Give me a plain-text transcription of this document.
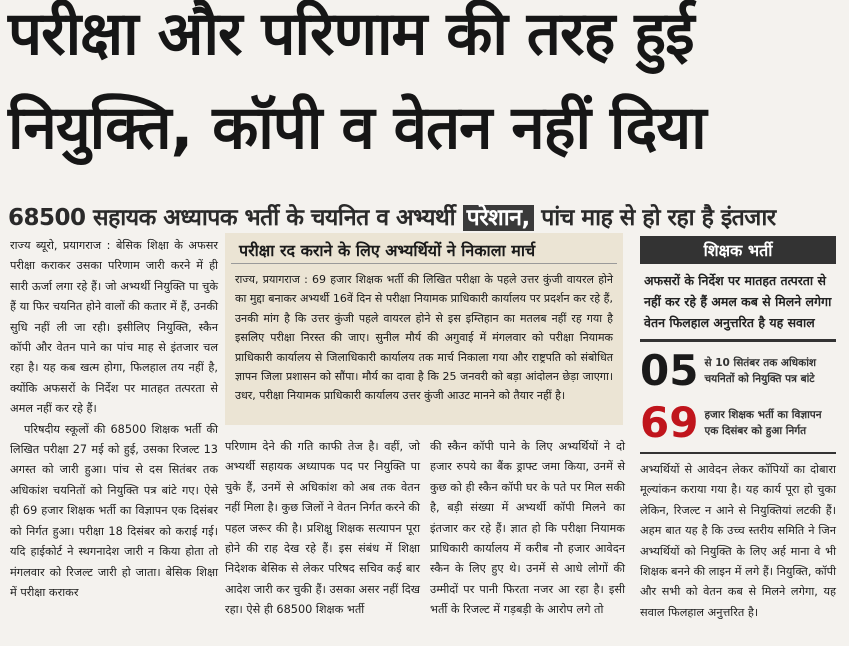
परीक्षा और परिणाम की तरह हुई
नियुक्ति, कॉपी व वेतन नहीं दिया
68500 सहायक अध्यापक भर्ती के चयनित व अभ्यर्थी परेशान, पांच माह से हो रहा है इंतजार

राज्य ब्यूरो, प्रयागराज : बेसिक शिक्षा के अफसर परीक्षा कराकर उसका परिणाम जारी करने में ही सारी ऊर्जा लगा रहे हैं। जो अभ्यर्थी नियुक्ति पा चुके हैं या फिर चयनित होने वालों की कतार में हैं, उनकी सुधि नहीं ली जा रही। इसीलिए नियुक्ति, स्कैन कॉपी और वेतन पाने का पांच माह से इंतजार चल रहा है। यह कब खत्म होगा, फिलहाल तय नहीं है, क्योंकि अफसरों के निर्देश पर मातहत तत्परता से अमल नहीं कर रहे हैं।

परिषदीय स्कूलों की 68500 शिक्षक भर्ती की लिखित परीक्षा 27 मई को हुई, उसका रिजल्ट 13 अगस्त को जारी हुआ। पांच से दस सितंबर तक अधिकांश चयनितों को नियुक्ति पत्र बांटे गए। ऐसे ही 69 हजार शिक्षक भर्ती का विज्ञापन एक दिसंबर को निर्गत हुआ। परीक्षा 18 दिसंबर को कराई गई। यदि हाईकोर्ट ने स्थगनादेश जारी न किया होता तो मंगलवार को रिजल्ट जारी हो जाता। बेसिक शिक्षा में परीक्षा कराकर

परीक्षा रद कराने के लिए अभ्यर्थियों ने निकाला मार्च
राज्य, प्रयागराज : 69 हजार शिक्षक भर्ती की लिखित परीक्षा के पहले उत्तर कुंजी वायरल होने का मुद्दा बनाकर अभ्यर्थी 16वें दिन से परीक्षा नियामक प्राधिकारी कार्यालय पर प्रदर्शन कर रहे हैं, उनकी मांग है कि उत्तर कुंजी पहले वायरल होने से इस इम्तिहान का मतलब नहीं रह गया है इसलिए परीक्षा निरस्त की जाए। सुनील मौर्य की अगुवाई में मंगलवार को परीक्षा नियामक प्राधिकारी कार्यालय से जिलाधिकारी कार्यालय तक मार्च निकाला गया और राष्ट्रपति को संबोधित ज्ञापन जिला प्रशासन को सौंपा। मौर्य का दावा है कि 25 जनवरी को बड़ा आंदोलन छेड़ा जाएगा। उधर, परीक्षा नियामक प्राधिकारी कार्यालय उत्तर कुंजी आउट मानने को तैयार नहीं है।

परिणाम देने की गति काफी तेज है। वहीं, जो अभ्यर्थी सहायक अध्यापक पद पर नियुक्ति पा चुके हैं, उनमें से अधिकांश को अब तक वेतन नहीं मिला है। कुछ जिलों ने वेतन निर्गत करने की पहल जरूर की है। प्रशिक्षु शिक्षक सत्यापन पूरा होने की राह देख रहे हैं। इस संबंध में शिक्षा निदेशक बेसिक से लेकर परिषद सचिव कई बार आदेश जारी कर चुकी हैं। उसका असर नहीं दिख रहा। ऐसे ही 68500 शिक्षक भर्ती

की स्कैन कॉपी पाने के लिए अभ्यर्थियों ने दो हजार रुपये का बैंक ड्राफ्ट जमा किया, उनमें से कुछ को ही स्कैन कॉपी घर के पते पर मिल सकी है, बड़ी संख्या में अभ्यर्थी कॉपी मिलने का इंतजार कर रहे हैं। ज्ञात हो कि परीक्षा नियामक प्राधिकारी कार्यालय में करीब नौ हजार आवेदन स्कैन के लिए हुए थे। उनमें से आधे लोगों की उम्मीदों पर पानी फिरता नजर आ रहा है। इसी भर्ती के रिजल्ट में गड़बड़ी के आरोप लगे तो

शिक्षक भर्ती
अफसरों के निर्देश पर मातहत तत्परता से नहीं कर रहे हैं अमल कब से मिलने लगेगा वेतन फिलहाल अनुत्तरित है यह सवाल
05 से 10 सितंबर तक अधिकांश चयनितों को नियुक्ति पत्र बांटे
69 हजार शिक्षक भर्ती का विज्ञापन एक दिसंबर को हुआ निर्गत

अभ्यर्थियों से आवेदन लेकर कॉपियों का दोबारा मूल्यांकन कराया गया है। यह कार्य पूरा हो चुका लेकिन, रिजल्ट न आने से नियुक्तियां लटकी हैं। अहम बात यह है कि उच्च स्तरीय समिति ने जिन अभ्यर्थियों को नियुक्ति के लिए अर्ह माना वे भी शिक्षक बनने की लाइन में लगे हैं। नियुक्ति, कॉपी और सभी को वेतन कब से मिलने लगेगा, यह सवाल फिलहाल अनुत्तरित है।
